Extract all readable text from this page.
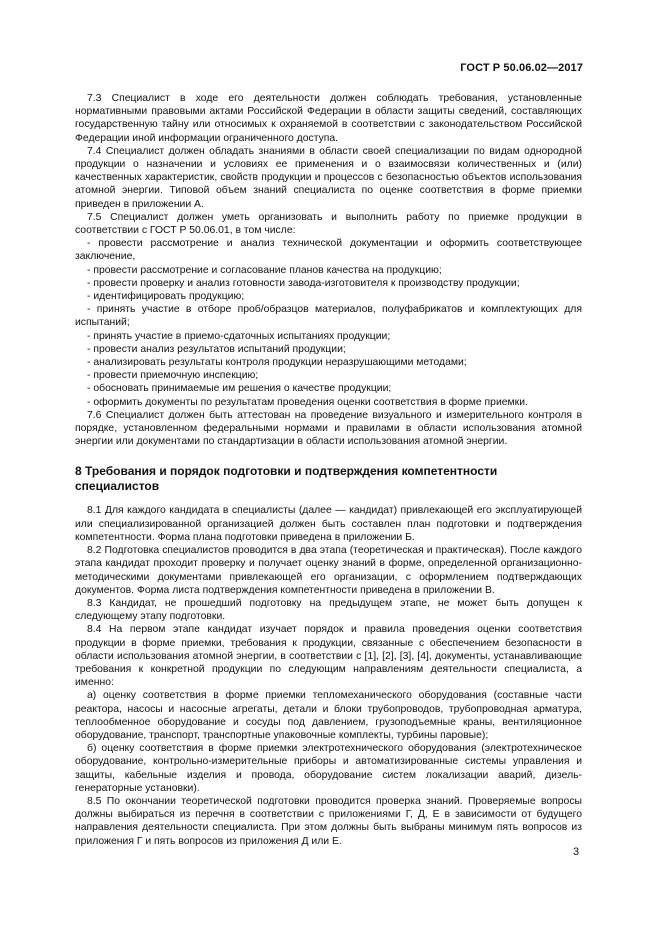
ГОСТ Р 50.06.02—2017

7.3 Специалист в ходе его деятельности должен соблюдать требования, установленные нормативными правовыми актами Российской Федерации в области защиты сведений, составляющих государственную тайну или относимых к охраняемой в соответствии с законодательством Российской Федерации иной информации ограниченного доступа.

7.4 Специалист должен обладать знаниями в области своей специализации по видам однородной продукции о назначении и условиях ее применения и о взаимосвязи количественных и (или) качественных характеристик, свойств продукции и процессов с безопасностью объектов использования атомной энергии. Типовой объем знаний специалиста по оценке соответствия в форме приемки приведен в приложении А.

7.5 Специалист должен уметь организовать и выполнить работу по приемке продукции в соответствии с ГОСТ Р 50.06.01, в том числе:

- провести рассмотрение и анализ технической документации и оформить соответствующее заключение,

- провести рассмотрение и согласование планов качества на продукцию;

- провести проверку и анализ готовности завода-изготовителя к производству продукции;

- идентифицировать продукцию;

- принять участие в отборе проб/образцов материалов, полуфабрикатов и комплектующих для испытаний;

- принять участие в приемо-сдаточных испытаниях продукции;

- провести анализ результатов испытаний продукции;

- анализировать результаты контроля продукции неразрушающими методами;

- провести приемочную инспекцию;

- обосновать принимаемые им решения о качестве продукции;

- оформить документы по результатам проведения оценки соответствия в форме приемки.

7.6 Специалист должен быть аттестован на проведение визуального и измерительного контроля в порядке, установленном федеральными нормами и правилами в области использования атомной энергии или документами по стандартизации в области использования атомной энергии.

8 Требования и порядок подготовки и подтверждения компетентности специалистов

8.1 Для каждого кандидата в специалисты (далее — кандидат) привлекающей его эксплуатирующей или специализированной организацией должен быть составлен план подготовки и подтверждения компетентности. Форма плана подготовки приведена в приложении Б.

8.2 Подготовка специалистов проводится в два этапа (теоретическая и практическая). После каждого этапа кандидат проходит проверку и получает оценку знаний в форме, определенной организационно-методическими документами привлекающей его организации, с оформлением подтверждающих документов. Форма листа подтверждения компетентности приведена в приложении В.

8.3 Кандидат, не прошедший подготовку на предыдущем этапе, не может быть допущен к следующему этапу подготовки.

8.4 На первом этапе кандидат изучает порядок и правила проведения оценки соответствия продукции в форме приемки, требования к продукции, связанные с обеспечением безопасности в области использования атомной энергии, в соответствии с [1], [2], [3], [4], документы, устанавливающие требования к конкретной продукции по следующим направлениям деятельности специалиста, а именно:

а) оценку соответствия в форме приемки тепломеханического оборудования (составные части реактора, насосы и насосные агрегаты, детали и блоки трубопроводов, трубопроводная арматура, теплообменное оборудование и сосуды под давлением, грузоподъемные краны, вентиляционное оборудование, транспорт, транспортные упаковочные комплекты, турбины паровые);

б) оценку соответствия в форме приемки электротехнического оборудования (электротехническое оборудование, контрольно-измерительные приборы и автоматизированные системы управления и защиты, кабельные изделия и провода, оборудование систем локализации аварий, дизель-генераторные установки).

8.5 По окончании теоретической подготовки проводится проверка знаний. Проверяемые вопросы должны выбираться из перечня в соответствии с приложениями Г, Д, Е в зависимости от будущего направления деятельности специалиста. При этом должны быть выбраны минимум пять вопросов из приложения Г и пять вопросов из приложения Д или Е.

3
